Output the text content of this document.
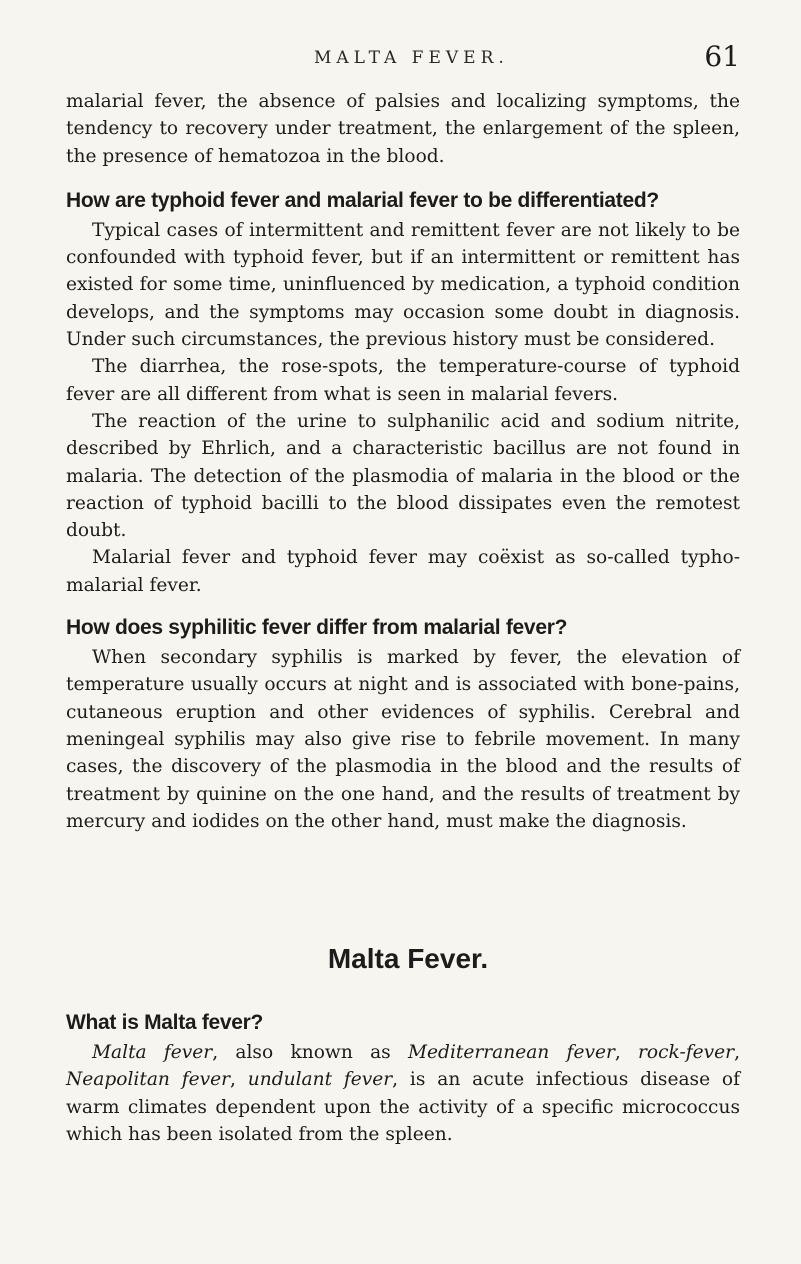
MALTA FEVER.	61

malarial fever, the absence of palsies and localizing symptoms, the tendency to recovery under treatment, the enlargement of the spleen, the presence of hematozoa in the blood.

How are typhoid fever and malarial fever to be differentiated?

Typical cases of intermittent and remittent fever are not likely to be confounded with typhoid fever, but if an intermittent or remittent has existed for some time, uninfluenced by medication, a typhoid condition develops, and the symptoms may occasion some doubt in diagnosis. Under such circumstances, the previous history must be considered.

The diarrhea, the rose-spots, the temperature-course of typhoid fever are all different from what is seen in malarial fevers.

The reaction of the urine to sulphanilic acid and sodium nitrite, described by Ehrlich, and a characteristic bacillus are not found in malaria. The detection of the plasmodia of malaria in the blood or the reaction of typhoid bacilli to the blood dissipates even the remotest doubt.

Malarial fever and typhoid fever may coëxist as so-called typho-malarial fever.

How does syphilitic fever differ from malarial fever?

When secondary syphilis is marked by fever, the elevation of temperature usually occurs at night and is associated with bone-pains, cutaneous eruption and other evidences of syphilis. Cerebral and meningeal syphilis may also give rise to febrile movement. In many cases, the discovery of the plasmodia in the blood and the results of treatment by quinine on the one hand, and the results of treatment by mercury and iodides on the other hand, must make the diagnosis.

Malta Fever.
What is Malta fever?

Malta fever, also known as Mediterranean fever, rock-fever, Neapolitan fever, undulant fever, is an acute infectious disease of warm climates dependent upon the activity of a specific micrococcus which has been isolated from the spleen.
